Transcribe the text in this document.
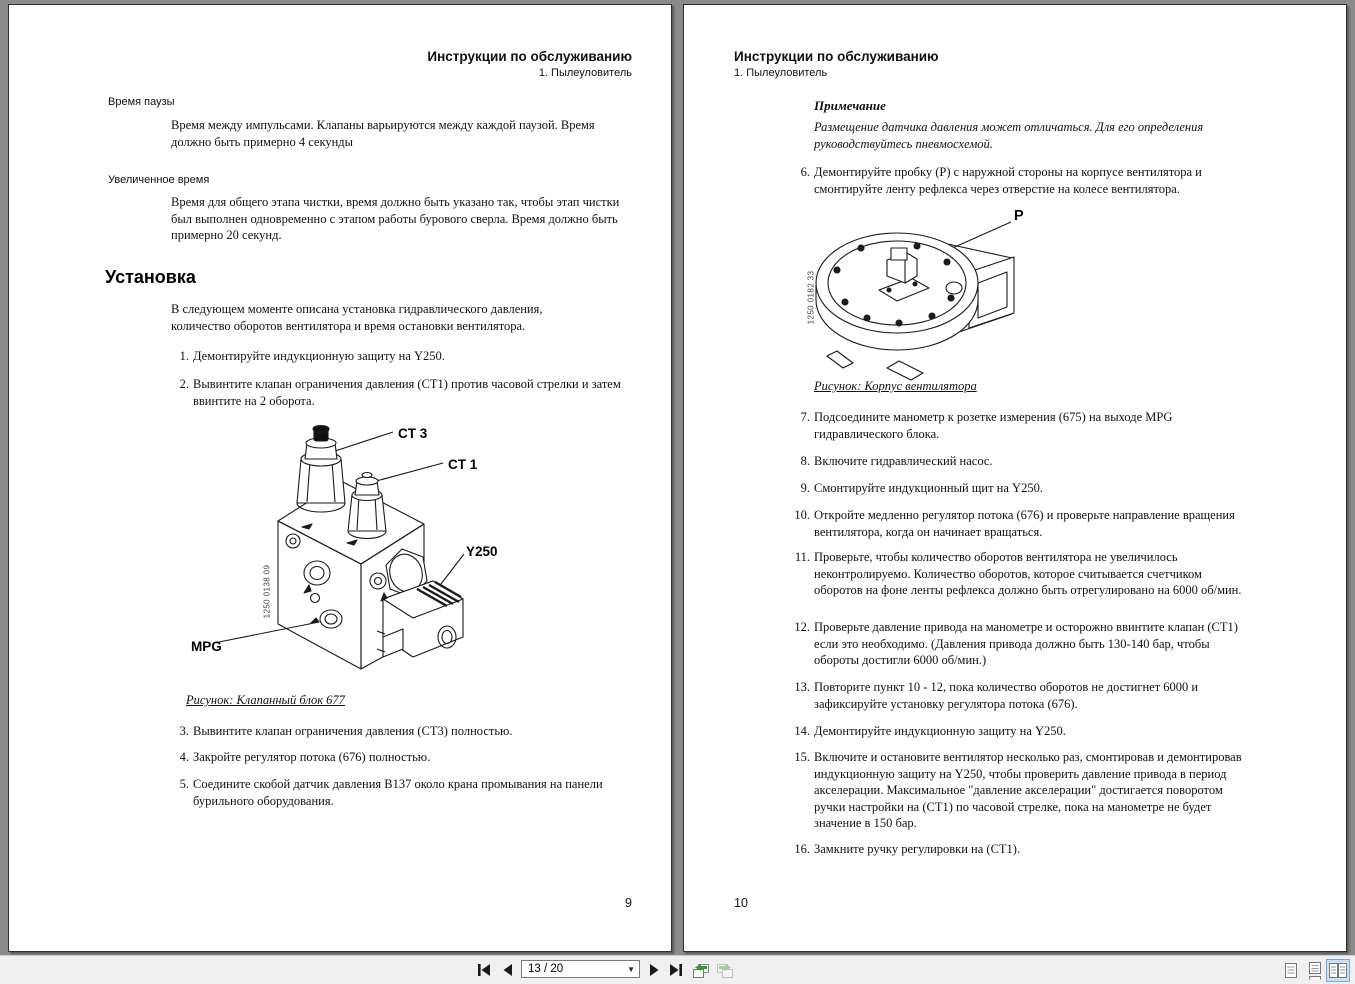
Инструкции по обслуживанию
1. Пылеуловитель
Время паузы
Время между импульсами. Клапаны варьируются между каждой паузой. Время должно быть примерно 4 секунды
Увеличенное время
Время для общего этапа чистки, время должно быть указано так, чтобы этап чистки был выполнен одновременно с этапом работы бурового сверла. Время должно быть примерно 20 секунд.
Установка
В следующем моменте описана установка гидравлического давления, количество оборотов вентилятора и время остановки вентилятора.
1. Демонтируйте индукционную защиту на Y250.
2. Вывинтите клапан ограничения давления (CT1) против часовой стрелки и затем ввинтите на 2 оборота.
CT 3
CT 1
Y250
MPG
1250 0138 09
Рисунок: Клапанный блок 677
3. Вывинтите клапан ограничения давления (CT3) полностью.
4. Закройте регулятор потока (676) полностью.
5. Соедините скобой датчик давления B137 около крана промывания на панели бурильного оборудования.
9
Инструкции по обслуживанию
1. Пылеуловитель
Примечание
Размещение датчика давления может отличаться. Для его определения руководствуйтесь пневмосхемой.
6. Демонтируйте пробку (P) с наружной стороны на корпусе вентилятора и смонтируйте ленту рефлекса через отверстие на колесе вентилятора.
P
1250 0182 33
Рисунок: Корпус вентилятора
7. Подсоедините манометр к розетке измерения (675) на выходе MPG гидравлического блока.
8. Включите гидравлический насос.
9. Смонтируйте индукционный щит на Y250.
10. Откройте медленно регулятор потока (676) и проверьте направление вращения вентилятора, когда он начинает вращаться.
11. Проверьте, чтобы количество оборотов вентилятора не увеличилось неконтролируемо. Количество оборотов, которое считывается счетчиком оборотов на фоне ленты рефлекса должно быть отрегулировано на 6000 об/мин.
12. Проверьте давление привода на манометре и осторожно ввинтите клапан (CT1) если это необходимо. (Давления привода должно быть 130-140 бар, чтобы обороты достигли 6000 об/мин.)
13. Повторите пункт 10 - 12, пока количество оборотов не достигнет 6000 и зафиксируйте установку регулятора потока (676).
14. Демонтируйте индукционную защиту на Y250.
15. Включите и остановите вентилятор несколько раз, смонтировав и демонтировав индукционную защиту на Y250, чтобы проверить давление привода в период акселерации. Максимальное "давление акселерации" достигается поворотом ручки настройки на (CT1) по часовой стрелке, пока на манометре не будет значение в 150 бар.
16. Замкните ручку регулировки на (CT1).
10
13 / 20	▼
